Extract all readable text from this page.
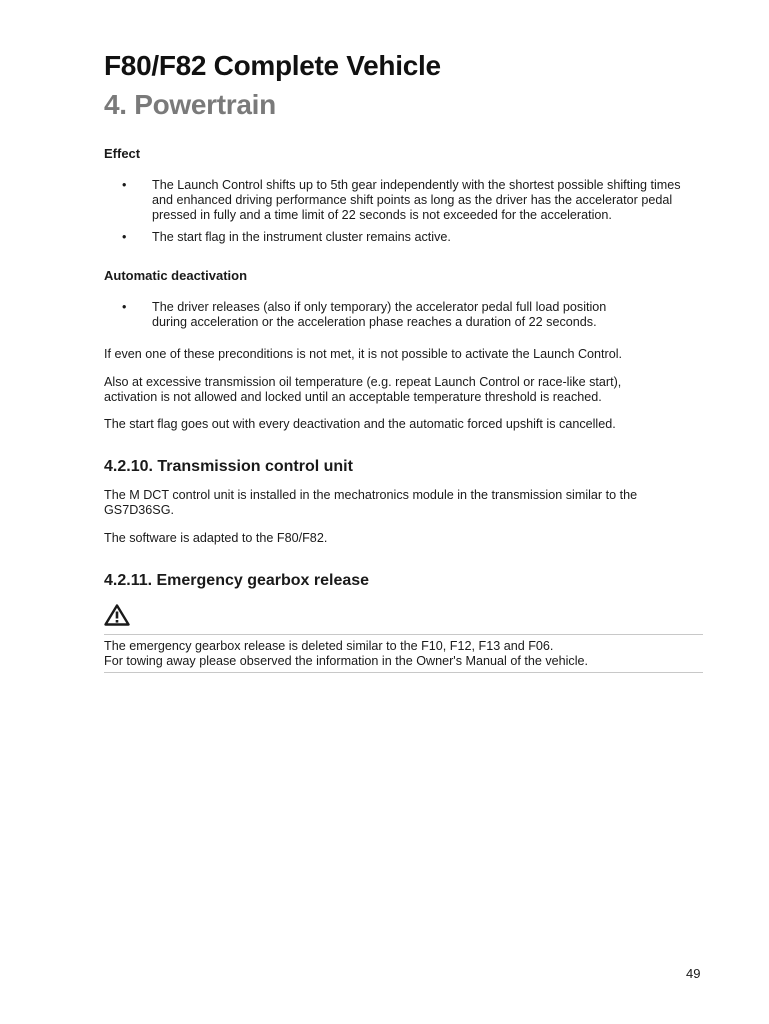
F80/F82 Complete Vehicle
4. Powertrain
Effect
• The Launch Control shifts up to 5th gear independently with the shortest possible shifting times and enhanced driving performance shift points as long as the driver has the accelerator pedal pressed in fully and a time limit of 22 seconds is not exceeded for the acceleration.
• The start flag in the instrument cluster remains active.
Automatic deactivation
• The driver releases (also if only temporary) the accelerator pedal full load position during acceleration or the acceleration phase reaches a duration of 22 seconds.

If even one of these preconditions is not met, it is not possible to activate the Launch Control.

Also at excessive transmission oil temperature (e.g. repeat Launch Control or race-like start), activation is not allowed and locked until an acceptable temperature threshold is reached.

The start flag goes out with every deactivation and the automatic forced upshift is cancelled.

4.2.10. Transmission control unit

The M DCT control unit is installed in the mechatronics module in the transmission similar to the GS7D36SG.

The software is adapted to the F80/F82.

4.2.11. Emergency gearbox release

The emergency gearbox release is deleted similar to the F10, F12, F13 and F06.

For towing away please observed the information in the Owner's Manual of the vehicle.

49
